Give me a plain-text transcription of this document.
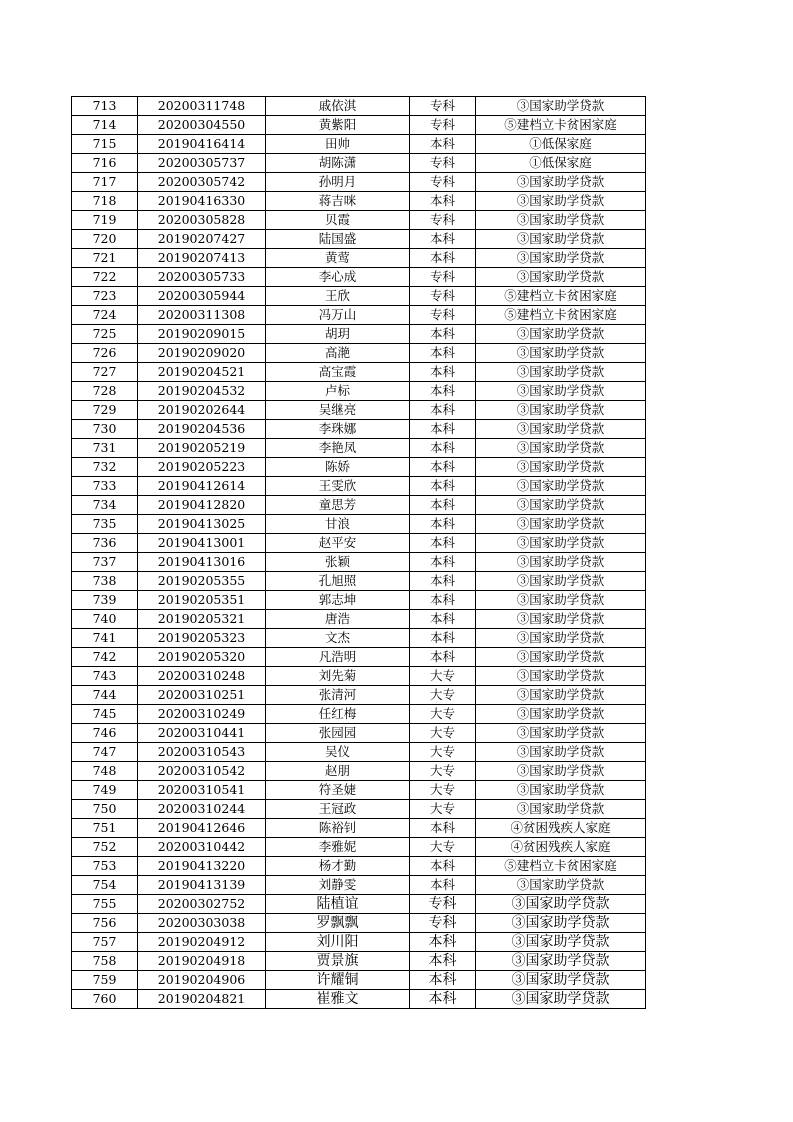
713	20200311748	戚依淇	专科	③国家助学贷款
714	20200304550	黄紫阳	专科	⑤建档立卡贫困家庭
715	20190416414	田帅	本科	①低保家庭
716	20200305737	胡陈潇	专科	①低保家庭
717	20200305742	孙明月	专科	③国家助学贷款
718	20190416330	蒋吉咪	本科	③国家助学贷款
719	20200305828	贝霞	专科	③国家助学贷款
720	20190207427	陆国盛	本科	③国家助学贷款
721	20190207413	黄莺	本科	③国家助学贷款
722	20200305733	李心成	专科	③国家助学贷款
723	20200305944	王欣	专科	⑤建档立卡贫困家庭
724	20200311308	冯万山	专科	⑤建档立卡贫困家庭
725	20190209015	胡玥	本科	③国家助学贷款
726	20190209020	高滟	本科	③国家助学贷款
727	20190204521	高宝霞	本科	③国家助学贷款
728	20190204532	卢标	本科	③国家助学贷款
729	20190202644	吴继亮	本科	③国家助学贷款
730	20190204536	李珠娜	本科	③国家助学贷款
731	20190205219	李艳凤	本科	③国家助学贷款
732	20190205223	陈娇	本科	③国家助学贷款
733	20190412614	王雯欣	本科	③国家助学贷款
734	20190412820	童思芳	本科	③国家助学贷款
735	20190413025	甘浪	本科	③国家助学贷款
736	20190413001	赵平安	本科	③国家助学贷款
737	20190413016	张颖	本科	③国家助学贷款
738	20190205355	孔旭照	本科	③国家助学贷款
739	20190205351	郭志坤	本科	③国家助学贷款
740	20190205321	唐浩	本科	③国家助学贷款
741	20190205323	文杰	本科	③国家助学贷款
742	20190205320	凡浩明	本科	③国家助学贷款
743	20200310248	刘先菊	大专	③国家助学贷款
744	20200310251	张清河	大专	③国家助学贷款
745	20200310249	任红梅	大专	③国家助学贷款
746	20200310441	张园园	大专	③国家助学贷款
747	20200310543	吴仪	大专	③国家助学贷款
748	20200310542	赵朋	大专	③国家助学贷款
749	20200310541	符圣婕	大专	③国家助学贷款
750	20200310244	王冠政	大专	③国家助学贷款
751	20190412646	陈裕钊	本科	④贫困残疾人家庭
752	20200310442	李雅妮	大专	④贫困残疾人家庭
753	20190413220	杨才勤	本科	⑤建档立卡贫困家庭
754	20190413139	刘静雯	本科	③国家助学贷款
755	20200302752	陆植谊	专科	③国家助学贷款
756	20200303038	罗飘飘	专科	③国家助学贷款
757	20190204912	刘川阳	本科	③国家助学贷款
758	20190204918	贾景旗	本科	③国家助学贷款
759	20190204906	许耀铜	本科	③国家助学贷款
760	20190204821	崔雅文	本科	③国家助学贷款
